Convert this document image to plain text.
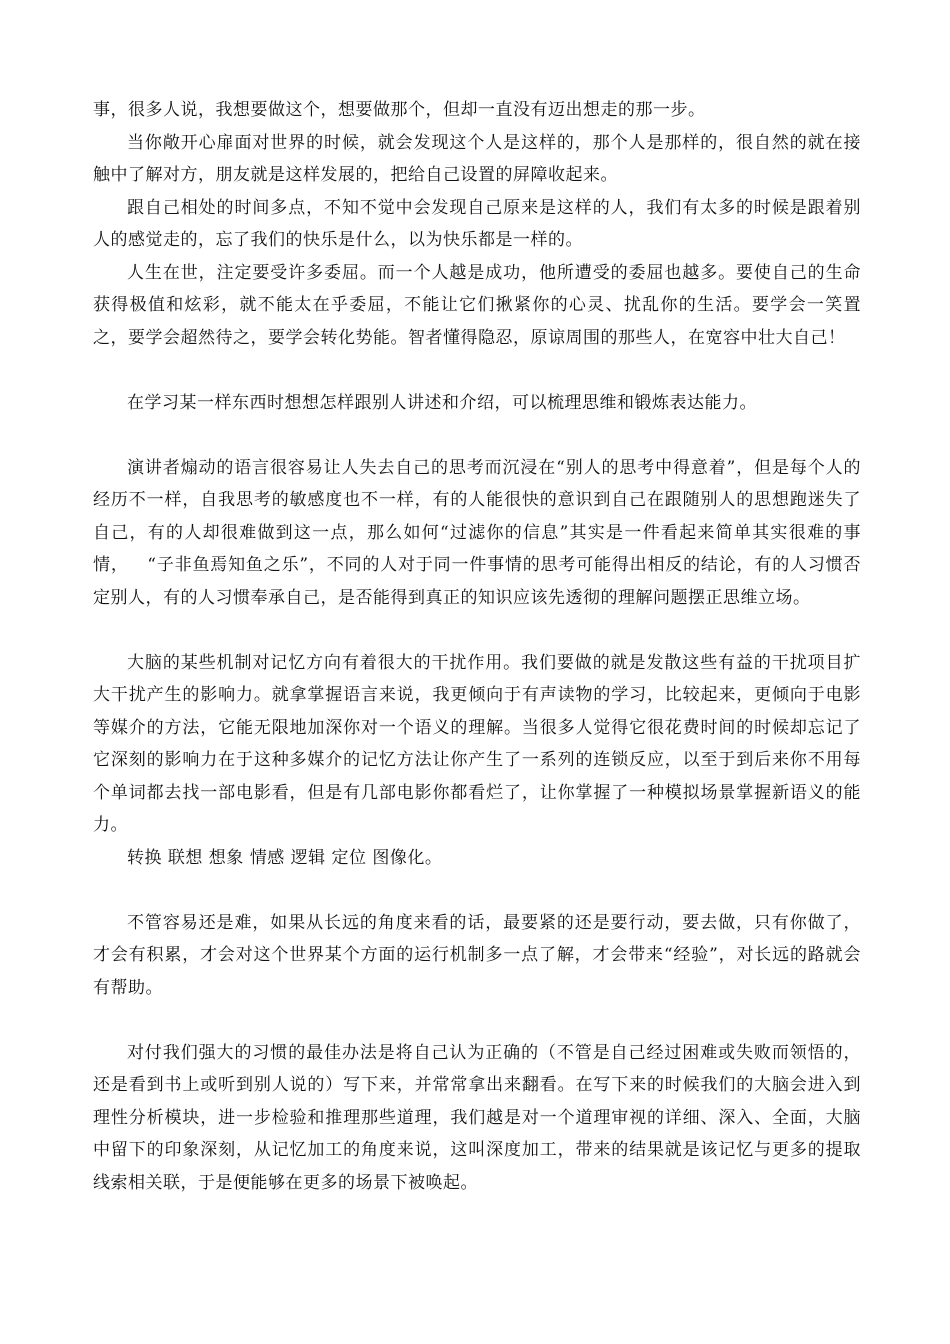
事，很多人说，我想要做这个，想要做那个，但却一直没有迈出想走的那一步。

当你敞开心扉面对世界的时候，就会发现这个人是这样的，那个人是那样的，很自然的就在接触中了解对方，朋友就是这样发展的，把给自己设置的屏障收起来。

跟自己相处的时间多点，不知不觉中会发现自己原来是这样的人，我们有太多的时候是跟着别人的感觉走的，忘了我们的快乐是什么，以为快乐都是一样的。

人生在世，注定要受许多委屈。而一个人越是成功，他所遭受的委屈也越多。要使自己的生命获得极值和炫彩，就不能太在乎委屈，不能让它们揪紧你的心灵、扰乱你的生活。要学会一笑置之，要学会超然待之，要学会转化势能。智者懂得隐忍，原谅周围的那些人，在宽容中壮大自己！

在学习某一样东西时想想怎样跟别人讲述和介绍，可以梳理思维和锻炼表达能力。

演讲者煽动的语言很容易让人失去自己的思考而沉浸在“别人的思考中得意着”，但是每个人的经历不一样，自我思考的敏感度也不一样，有的人能很快的意识到自己在跟随别人的思想跑迷失了自己，有的人却很难做到这一点，那么如何“过滤你的信息”其实是一件看起来简单其实很难的事情，   “子非鱼焉知鱼之乐”，不同的人对于同一件事情的思考可能得出相反的结论，有的人习惯否定别人，有的人习惯奉承自己，是否能得到真正的知识应该先透彻的理解问题摆正思维立场。

大脑的某些机制对记忆方向有着很大的干扰作用。我们要做的就是发散这些有益的干扰项目扩大干扰产生的影响力。就拿掌握语言来说，我更倾向于有声读物的学习，比较起来，更倾向于电影等媒介的方法，它能无限地加深你对一个语义的理解。当很多人觉得它很花费时间的时候却忘记了它深刻的影响力在于这种多媒介的记忆方法让你产生了一系列的连锁反应，以至于到后来你不用每个单词都去找一部电影看，但是有几部电影你都看烂了，让你掌握了一种模拟场景掌握新语义的能力。

转换 联想 想象 情感 逻辑 定位 图像化。

不管容易还是难，如果从长远的角度来看的话，最要紧的还是要行动，要去做，只有你做了，才会有积累，才会对这个世界某个方面的运行机制多一点了解，才会带来“经验”，对长远的路就会有帮助。

对付我们强大的习惯的最佳办法是将自己认为正确的（不管是自己经过困难或失败而领悟的，还是看到书上或听到别人说的）写下来，并常常拿出来翻看。在写下来的时候我们的大脑会进入到理性分析模块，进一步检验和推理那些道理，我们越是对一个道理审视的详细、深入、全面，大脑中留下的印象深刻，从记忆加工的角度来说，这叫深度加工，带来的结果就是该记忆与更多的提取线索相关联，于是便能够在更多的场景下被唤起。
